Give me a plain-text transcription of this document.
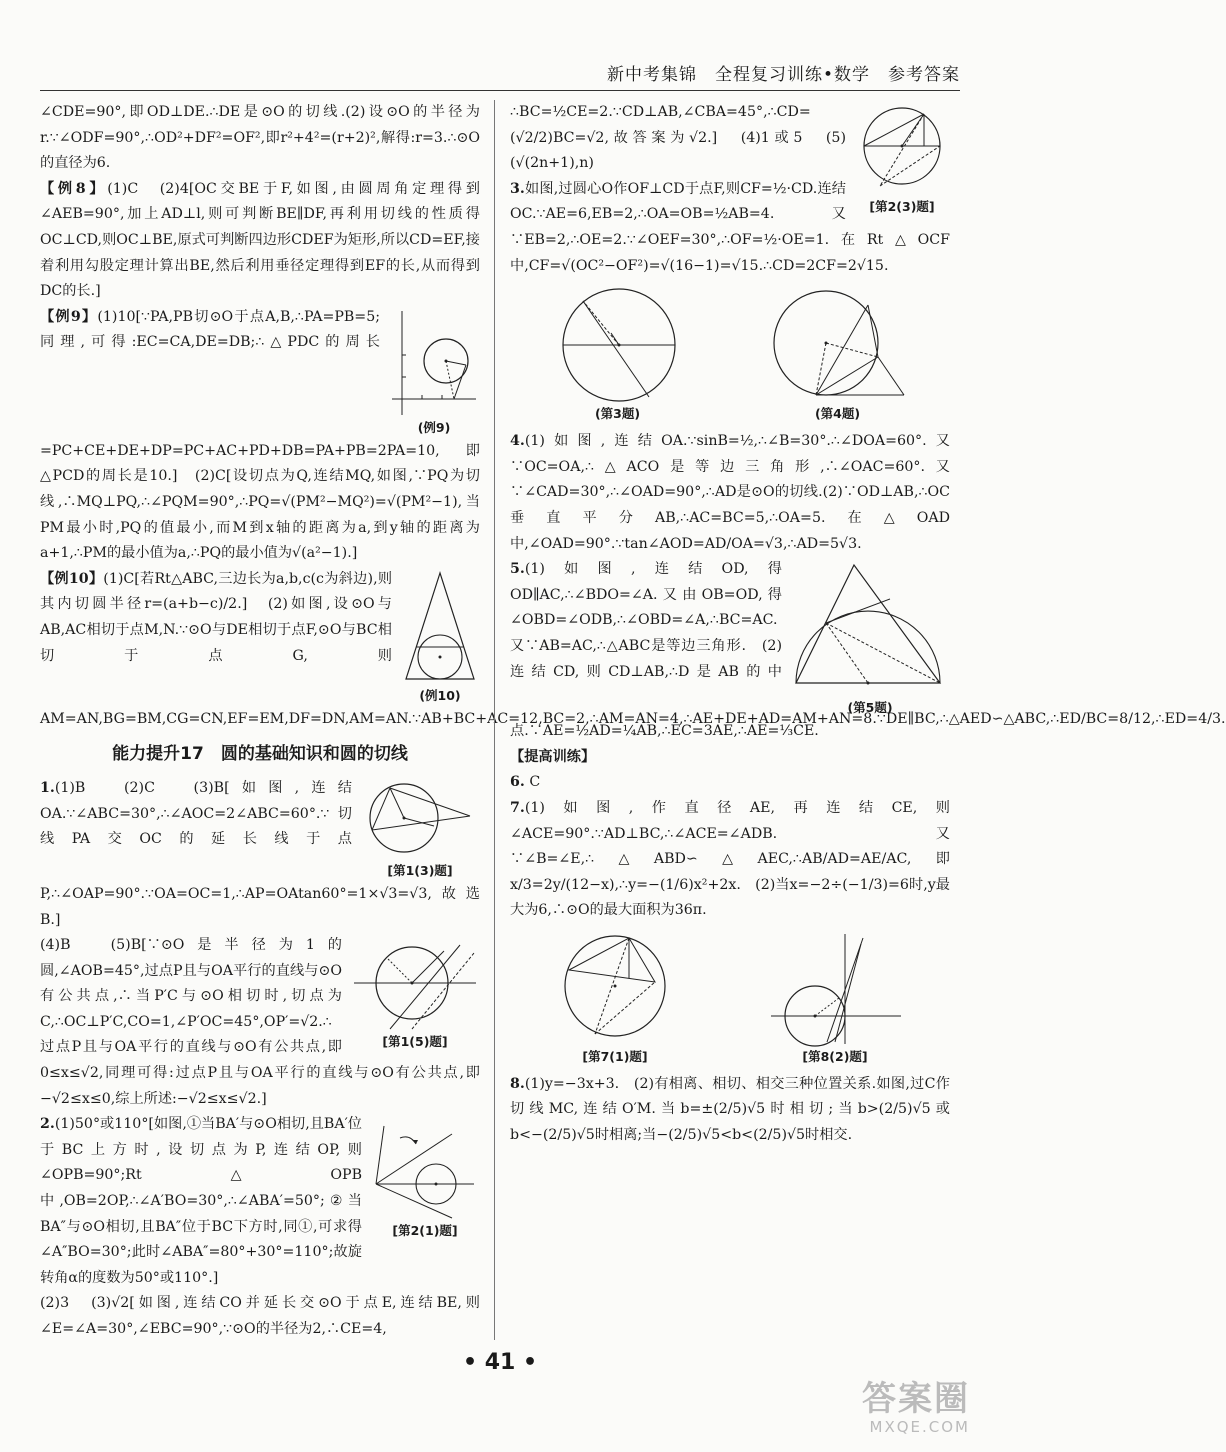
新中考集锦　全程复习训练•数学　参考答案

∠CDE=90°,即OD⊥DE.∴DE是⊙O的切线.(2)设⊙O的半径为r.∵∠ODF=90°,∴OD²+DF²=OF²,即r²+4²=(r+2)²,解得:r=3.∴⊙O的直径为6.

【例8】(1)C　(2)4[OC交BE于F,如图,由圆周角定理得到∠AEB=90°,加上AD⊥l,则可判断BE∥DF,再利用切线的性质得OC⊥CD,则OC⊥BE,原式可判断四边形CDEF为矩形,所以CD=EF,接着利用勾股定理计算出BE,然后利用垂径定理得到EF的长,从而得到DC的长.]

(例9)

【例9】(1)10[∵PA,PB切⊙O于点A,B,∴PA=PB=5;同理,可得:EC=CA,DE=DB;∴△PDC的周长=PC+CE+DE+DP=PC+AC+PD+DB=PA+PB=2PA=10,即△PCD的周长是10.]　(2)C[设切点为Q,连结MQ,如图,∵PQ为切线,∴MQ⊥PQ,∴∠PQM=90°,∴PQ=√(PM²−MQ²)=√(PM²−1),当PM最小时,PQ的值最小,而M到x轴的距离为a,到y轴的距离为a+1,∴PM的最小值为a,∴PQ的最小值为√(a²−1).]

(例10)

【例10】(1)C[若Rt△ABC,三边长为a,b,c(c为斜边),则其内切圆半径r=(a+b−c)/2.]　(2)如图,设⊙O与AB,AC相切于点M,N.∵⊙O与DE相切于点F,⊙O与BC相切于点G,则AM=AN,BG=BM,CG=CN,EF=EM,DF=DN,AM=AN.∵AB+BC+AC=12,BC=2,∴AM=AN=4,∴AE+DE+AD=AM+AN=8.∵DE∥BC,∴△AED∽△ABC,∴ED/BC=8/12,∴ED=4/3.

能力提升17　圆的基础知识和圆的切线
[第1(3)题]

1.(1)B　(2)C　(3)B[如图,连结OA.∵∠ABC=30°,∴∠AOC=2∠ABC=60°.∵切线PA交OC的延长线于点P,∴∠OAP=90°.∵OA=OC=1,∴AP=OAtan60°=1×√3=√3,故选B.]

[第1(5)题]

(4)B　(5)B[∵⊙O是半径为1的圆,∠AOB=45°,过点P且与OA平行的直线与⊙O有公共点,∴当P′C与⊙O相切时,切点为C,∴OC⊥P′C,CO=1,∠P′OC=45°,OP′=√2.∴过点P且与OA平行的直线与⊙O有公共点,即0≤x≤√2,同理可得:过点P且与OA平行的直线与⊙O有公共点,即−√2≤x≤0,综上所述:−√2≤x≤√2.]

[第2(1)题]

2.(1)50°或110°[如图,①当BA′与⊙O相切,且BA′位于BC上方时,设切点为P,连结OP,则∠OPB=90°;Rt△OPB中,OB=2OP,∴∠A′BO=30°,∴∠ABA′=50°;②当BA″与⊙O相切,且BA″位于BC下方时,同①,可求得∠A″BO=30°;此时∠ABA″=80°+30°=110°;故旋转角α的度数为50°或110°.]

(2)3　(3)√2[如图,连结CO并延长交⊙O于点E,连结BE,则∠E=∠A=30°,∠EBC=90°,∵⊙O的半径为2,∴CE=4,

[第2(3)题]

∴BC=½CE=2.∵CD⊥AB,∠CBA=45°,∴CD=(√2/2)BC=√2,故答案为√2.]　(4)1或5　(5)(√(2n+1),n)

3.如图,过圆心O作OF⊥CD于点F,则CF=½·CD.连结OC.∵AE=6,EB=2,∴OA=OB=½AB=4.又∵EB=2,∴OE=2.∵∠OEF=30°,∴OF=½·OE=1.在Rt△OCF中,CF=√(OC²−OF²)=√(16−1)=√15.∴CD=2CF=2√15.

(第3题)	(第4题)

4.(1)如图,连结OA.∵sinB=½,∴∠B=30°.∴∠DOA=60°.又∵OC=OA,∴△ACO是等边三角形,∴∠OAC=60°.又∵∠CAD=30°,∴∠OAD=90°,∴AD是⊙O的切线.(2)∵OD⊥AB,∴OC垂直平分AB,∴AC=BC=5,∴OA=5.在△OAD中,∠OAD=90°.∵tan∠AOD=AD/OA=√3,∴AD=5√3.

(第5题)

5.(1)如图,连结OD,得OD∥AC,∴∠BDO=∠A.又由OB=OD,得∠OBD=∠ODB,∴∠OBD=∠A,∴BC=AC.又∵AB=AC,∴△ABC是等边三角形.　(2)连结CD,则CD⊥AB,∴D是AB的中点.∵AE=½AD=¼AB,∴EC=3AE,∴AE=⅓CE.

【提高训练】

6. C

7.(1)如图,作直径AE,再连结CE,则∠ACE=90°.∵AD⊥BC,∴∠ACE=∠ADB.又∵∠B=∠E,∴△ABD∽△AEC,∴AB/AD=AE/AC,即x/3=2y/(12−x),∴y=−(1/6)x²+2x.　(2)当x=−2÷(−1/3)=6时,y最大为6,∴⊙O的最大面积为36π.

[第7(1)题]	[第8(2)题]

8.(1)y=−3x+3.　(2)有相离、相切、相交三种位置关系.如图,过C作切线MC,连结O′M.当b=±(2/5)√5时相切;当b>(2/5)√5或b<−(2/5)√5时相离;当−(2/5)√5<b<(2/5)√5时相交.

• 41 •
答案圈
MXQE.COM
